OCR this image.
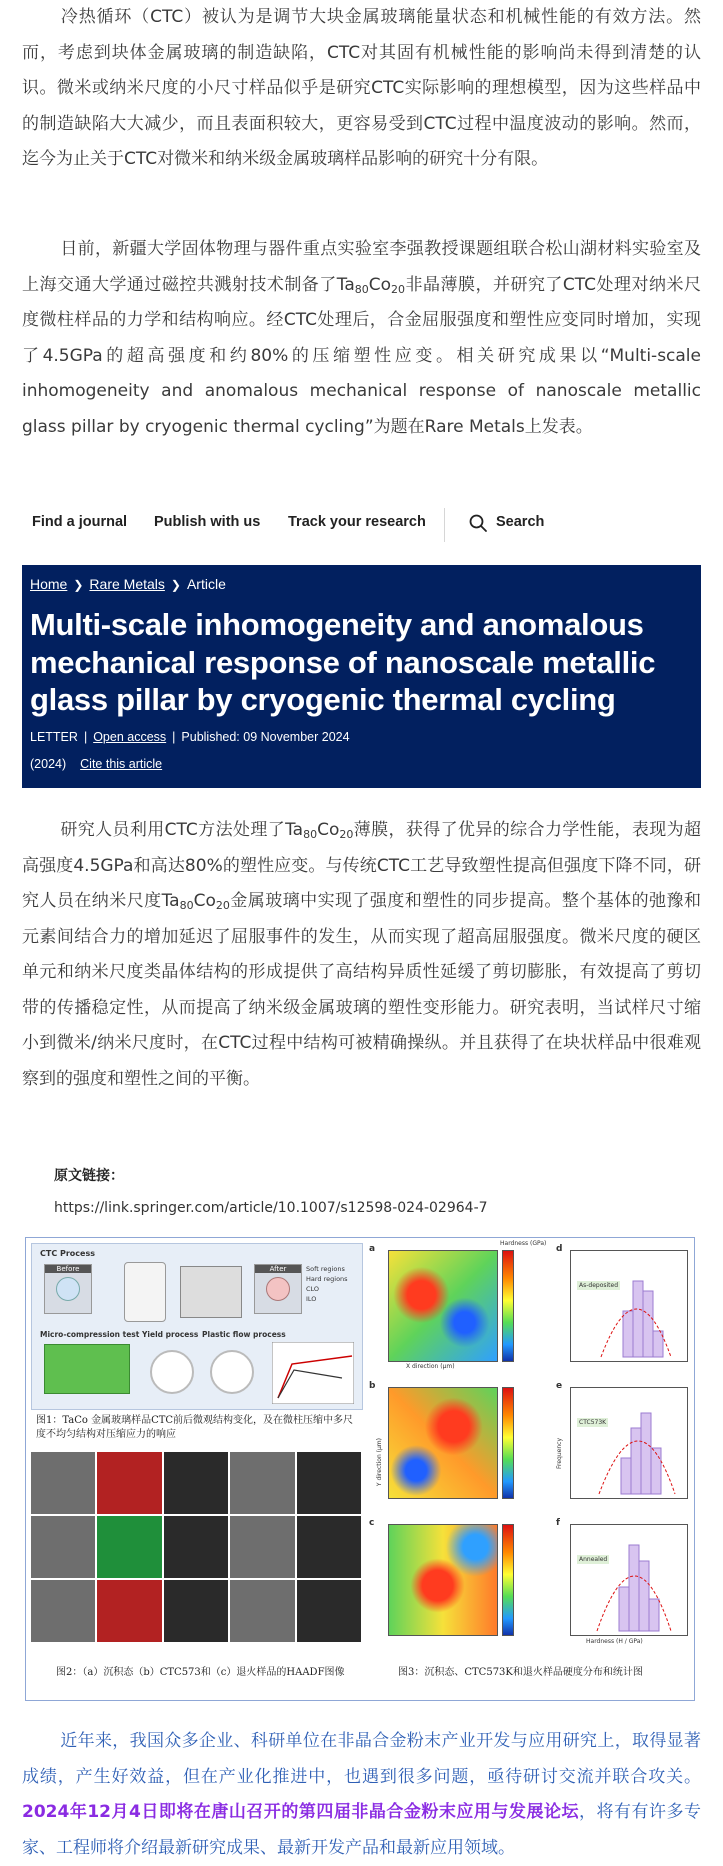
冷热循环（CTC）被认为是调节大块金属玻璃能量状态和机械性能的有效方法。然而，考虑到块体金属玻璃的制造缺陷，CTC对其固有机械性能的影响尚未得到清楚的认识。微米或纳米尺度的小尺寸样品似乎是研究CTC实际影响的理想模型，因为这些样品中的制造缺陷大大减少，而且表面积较大，更容易受到CTC过程中温度波动的影响。然而，迄今为止关于CTC对微米和纳米级金属玻璃样品影响的研究十分有限。

日前，新疆大学固体物理与器件重点实验室李强教授课题组联合松山湖材料实验室及上海交通大学通过磁控共溅射技术制备了$Ta_{80}Co_{20}$非晶薄膜，并研究了CTC处理对纳米尺度微柱样品的力学和结构响应。经CTC处理后，合金屈服强度和塑性应变同时增加，实现了4.5GPa的超高强度和约80%的压缩塑性应变。相关研究成果以“Multi-scale inhomogeneity and anomalous mechanical response of nanoscale metallic glass pillar by cryogenic thermal cycling”为题在Rare Metals上发表。

Find a journal Publish with us Track your research	Search
Home ❯ Rare Metals ❯ Article
Multi-scale inhomogeneity and anomalous mechanical response of nanoscale metallic glass pillar by cryogenic thermal cycling
LETTER | Open access | Published: 09 November 2024
(2024) Cite this article

研究人员利用CTC方法处理了$Ta_{80}Co_{20}$薄膜，获得了优异的综合力学性能，表现为超高强度4.5GPa和高达80%的塑性应变。与传统CTC工艺导致塑性提高但强度下降不同，研究人员在纳米尺度$Ta_{80}Co_{20}$金属玻璃中实现了强度和塑性的同步提高。整个基体的弛豫和元素间结合力的增加延迟了屈服事件的发生，从而实现了超高屈服强度。微米尺度的硬区单元和纳米尺度类晶体结构的形成提供了高结构异质性延缓了剪切膨胀，有效提高了剪切带的传播稳定性，从而提高了纳米级金属玻璃的塑性变形能力。研究表明，当试样尺寸缩小到微米/纳米尺度时，在CTC过程中结构可被精确操纵。并且获得了在块状样品中很难观察到的强度和塑性之间的平衡。

原文链接：
https://link.springer.com/article/10.1007/s12598-024-02964-7
CTC Process
Before	After	Soft regions
Hard regions
CLO
ILO
Micro-compression test Yield process Plastic flow process
图1：TaCo 金属玻璃样品CTC前后微观结构变化，及在微柱压缩中多尺度不均匀结构对压缩应力的响应
图2：（a）沉积态（b）CTC573和（c）退火样品的HAADF图像
a
b
c
d
e
f
Hardness (GPa)
X direction (μm)
As-deposited
CTC573K
Annealed
Hardness (H / GPa)
Frequency
Y direction (μm)
图3：沉积态、CTC573K和退火样品硬度分布和统计图

近年来，我国众多企业、科研单位在非晶合金粉末产业开发与应用研究上，取得显著成绩，产生好效益，但在产业化推进中，也遇到很多问题，亟待研讨交流并联合攻关。2024年12月4日即将在唐山召开的第四届非晶合金粉末应用与发展论坛，将有有许多专家、工程师将介绍最新研究成果、最新开发产品和最新应用领域。
